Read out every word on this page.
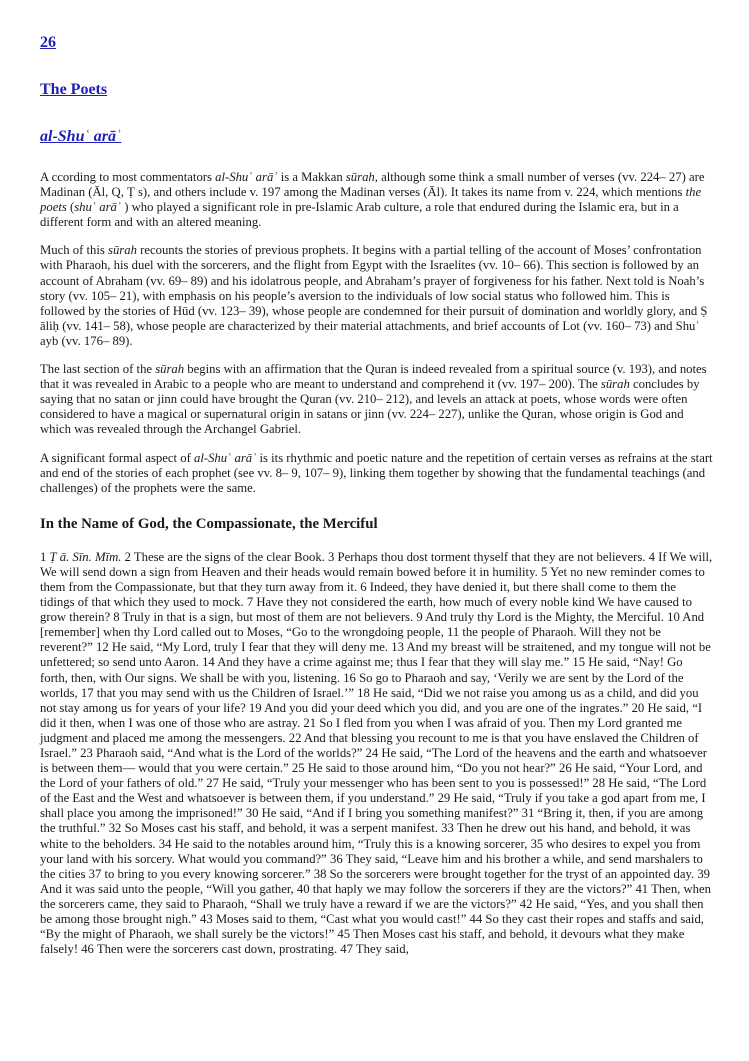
26
The Poets
al-Shuʿ arāʾ

A ccording to most commentators al-Shuʿ arāʾ is a Makkan sūrah, although some think a small number of verses (vv. 224– 27) are Madinan (Āl, Q, Ṭ s), and others include v. 197 among the Madinan verses (Āl). It takes its name from v. 224, which mentions the poets (shuʿ arāʾ ) who played a significant role in pre-Islamic Arab culture, a role that endured during the Islamic era, but in a different form and with an altered meaning.

Much of this sūrah recounts the stories of previous prophets. It begins with a partial telling of the account of Moses’ confrontation with Pharaoh, his duel with the sorcerers, and the flight from Egypt with the Israelites (vv. 10– 66). This section is followed by an account of Abraham (vv. 69– 89) and his idolatrous people, and Abraham’s prayer of forgiveness for his father. Next told is Noah’s story (vv. 105– 21), with emphasis on his people’s aversion to the individuals of low social status who followed him. This is followed by the stories of Hūd (vv. 123– 39), whose people are condemned for their pursuit of domination and worldly glory, and Ṣ āliḥ (vv. 141– 58), whose people are characterized by their material attachments, and brief accounts of Lot (vv. 160– 73) and Shuʿ ayb (vv. 176– 89).

The last section of the sūrah begins with an affirmation that the Quran is indeed revealed from a spiritual source (v. 193), and notes that it was revealed in Arabic to a people who are meant to understand and comprehend it (vv. 197– 200). The sūrah concludes by saying that no satan or jinn could have brought the Quran (vv. 210– 212), and levels an attack at poets, whose words were often considered to have a magical or supernatural origin in satans or jinn (vv. 224– 227), unlike the Quran, whose origin is God and which was revealed through the Archangel Gabriel.

A significant formal aspect of al-Shuʿ arāʾ is its rhythmic and poetic nature and the repetition of certain verses as refrains at the start and end of the stories of each prophet (see vv. 8– 9, 107– 9), linking them together by showing that the fundamental teachings (and challenges) of the prophets were the same.

In the Name of God, the Compassionate, the Merciful

1 Ṭ ā. Sīn. Mīm. 2 These are the signs of the clear Book. 3 Perhaps thou dost torment thyself that they are not believers. 4 If We will, We will send down a sign from Heaven and their heads would remain bowed before it in humility. 5 Yet no new reminder comes to them from the Compassionate, but that they turn away from it. 6 Indeed, they have denied it, but there shall come to them the tidings of that which they used to mock. 7 Have they not considered the earth, how much of every noble kind We have caused to grow therein? 8 Truly in that is a sign, but most of them are not believers. 9 And truly thy Lord is the Mighty, the Merciful. 10 And [remember] when thy Lord called out to Moses, “Go to the wrongdoing people, 11 the people of Pharaoh. Will they not be reverent?” 12 He said, “My Lord, truly I fear that they will deny me. 13 And my breast will be straitened, and my tongue will not be unfettered; so send unto Aaron. 14 And they have a crime against me; thus I fear that they will slay me.” 15 He said, “Nay! Go forth, then, with Our signs. We shall be with you, listening. 16 So go to Pharaoh and say, ‘Verily we are sent by the Lord of the worlds, 17 that you may send with us the Children of Israel.’” 18 He said, “Did we not raise you among us as a child, and did you not stay among us for years of your life? 19 And you did your deed which you did, and you are one of the ingrates.” 20 He said, “I did it then, when I was one of those who are astray. 21 So I fled from you when I was afraid of you. Then my Lord granted me judgment and placed me among the messengers. 22 And that blessing you recount to me is that you have enslaved the Children of Israel.” 23 Pharaoh said, “And what is the Lord of the worlds?” 24 He said, “The Lord of the heavens and the earth and whatsoever is between them— would that you were certain.” 25 He said to those around him, “Do you not hear?” 26 He said, “Your Lord, and the Lord of your fathers of old.” 27 He said, “Truly your messenger who has been sent to you is possessed!” 28 He said, “The Lord of the East and the West and whatsoever is between them, if you understand.” 29 He said, “Truly if you take a god apart from me, I shall place you among the imprisoned!” 30 He said, “And if I bring you something manifest?” 31 “Bring it, then, if you are among the truthful.” 32 So Moses cast his staff, and behold, it was a serpent manifest. 33 Then he drew out his hand, and behold, it was white to the beholders. 34 He said to the notables around him, “Truly this is a knowing sorcerer, 35 who desires to expel you from your land with his sorcery. What would you command?” 36 They said, “Leave him and his brother a while, and send marshalers to the cities 37 to bring to you every knowing sorcerer.” 38 So the sorcerers were brought together for the tryst of an appointed day. 39 And it was said unto the people, “Will you gather, 40 that haply we may follow the sorcerers if they are the victors?” 41 Then, when the sorcerers came, they said to Pharaoh, “Shall we truly have a reward if we are the victors?” 42 He said, “Yes, and you shall then be among those brought nigh.” 43 Moses said to them, “Cast what you would cast!” 44 So they cast their ropes and staffs and said, “By the might of Pharaoh, we shall surely be the victors!” 45 Then Moses cast his staff, and behold, it devours what they make falsely! 46 Then were the sorcerers cast down, prostrating. 47 They said,
